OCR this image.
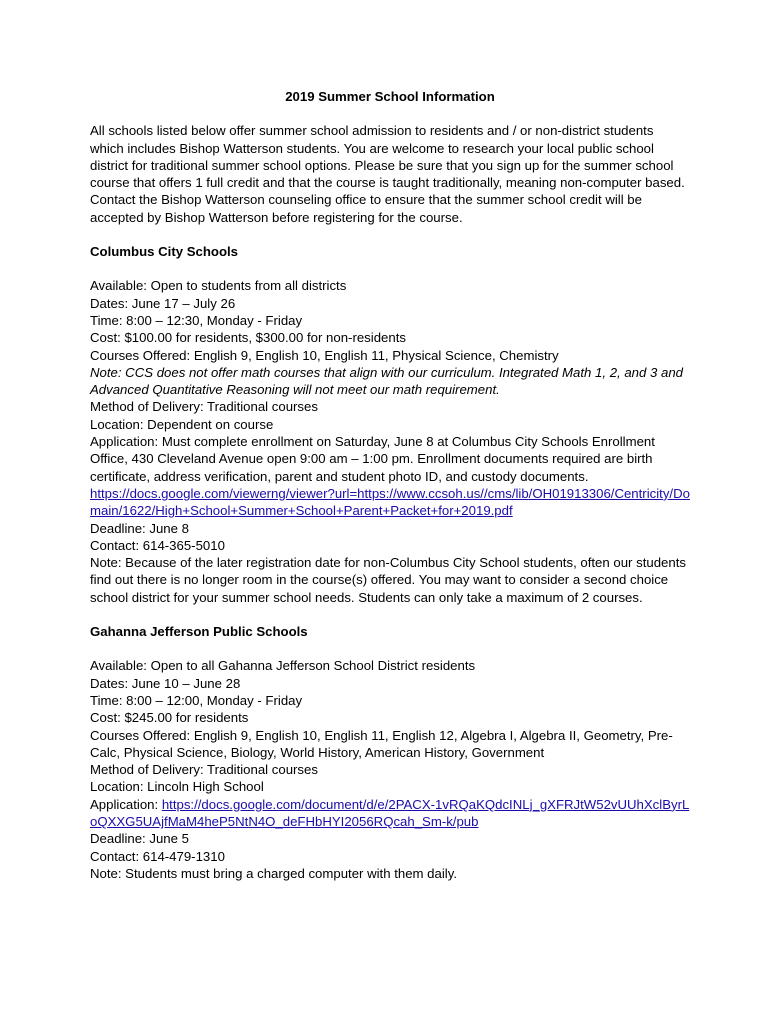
2019 Summer School Information

All schools listed below offer summer school admission to residents and / or non-district students which includes Bishop Watterson students. You are welcome to research your local public school district for traditional summer school options. Please be sure that you sign up for the summer school course that offers 1 full credit and that the course is taught traditionally, meaning non-computer based. Contact the Bishop Watterson counseling office to ensure that the summer school credit will be accepted by Bishop Watterson before registering for the course.

Columbus City Schools

Available: Open to students from all districts

Dates: June 17 – July 26

Time: 8:00 – 12:30, Monday - Friday

Cost: $100.00 for residents, $300.00 for non-residents

Courses Offered: English 9, English 10, English 11, Physical Science, Chemistry

Note: CCS does not offer math courses that align with our curriculum. Integrated Math 1, 2, and 3 and Advanced Quantitative Reasoning will not meet our math requirement.

Method of Delivery: Traditional courses

Location: Dependent on course

Application: Must complete enrollment on Saturday, June 8 at Columbus City Schools Enrollment Office, 430 Cleveland Avenue open 9:00 am – 1:00 pm. Enrollment documents required are birth certificate, address verification, parent and student photo ID, and custody documents.

https://docs.google.com/viewerng/viewer?url=https://www.ccsoh.us//cms/lib/OH01913306/Centricity/Domain/1622/High+School+Summer+School+Parent+Packet+for+2019.pdf

Deadline: June 8

Contact: 614-365-5010

Note: Because of the later registration date for non-Columbus City School students, often our students find out there is no longer room in the course(s) offered. You may want to consider a second choice school district for your summer school needs. Students can only take a maximum of 2 courses.

Gahanna Jefferson Public Schools

Available: Open to all Gahanna Jefferson School District residents

Dates: June 10 – June 28

Time: 8:00 – 12:00, Monday - Friday

Cost: $245.00 for residents

Courses Offered: English 9, English 10, English 11, English 12, Algebra I, Algebra II, Geometry, Pre-Calc, Physical Science, Biology, World History, American History, Government

Method of Delivery: Traditional courses

Location: Lincoln High School

Application: https://docs.google.com/document/d/e/2PACX-1vRQaKQdcINLj_gXFRJtW52vUUhXclByrLoQXXG5UAjfMaM4heP5NtN4O_deFHbHYI2056RQcah_Sm-k/pub

Deadline: June 5

Contact: 614-479-1310

Note: Students must bring a charged computer with them daily.
